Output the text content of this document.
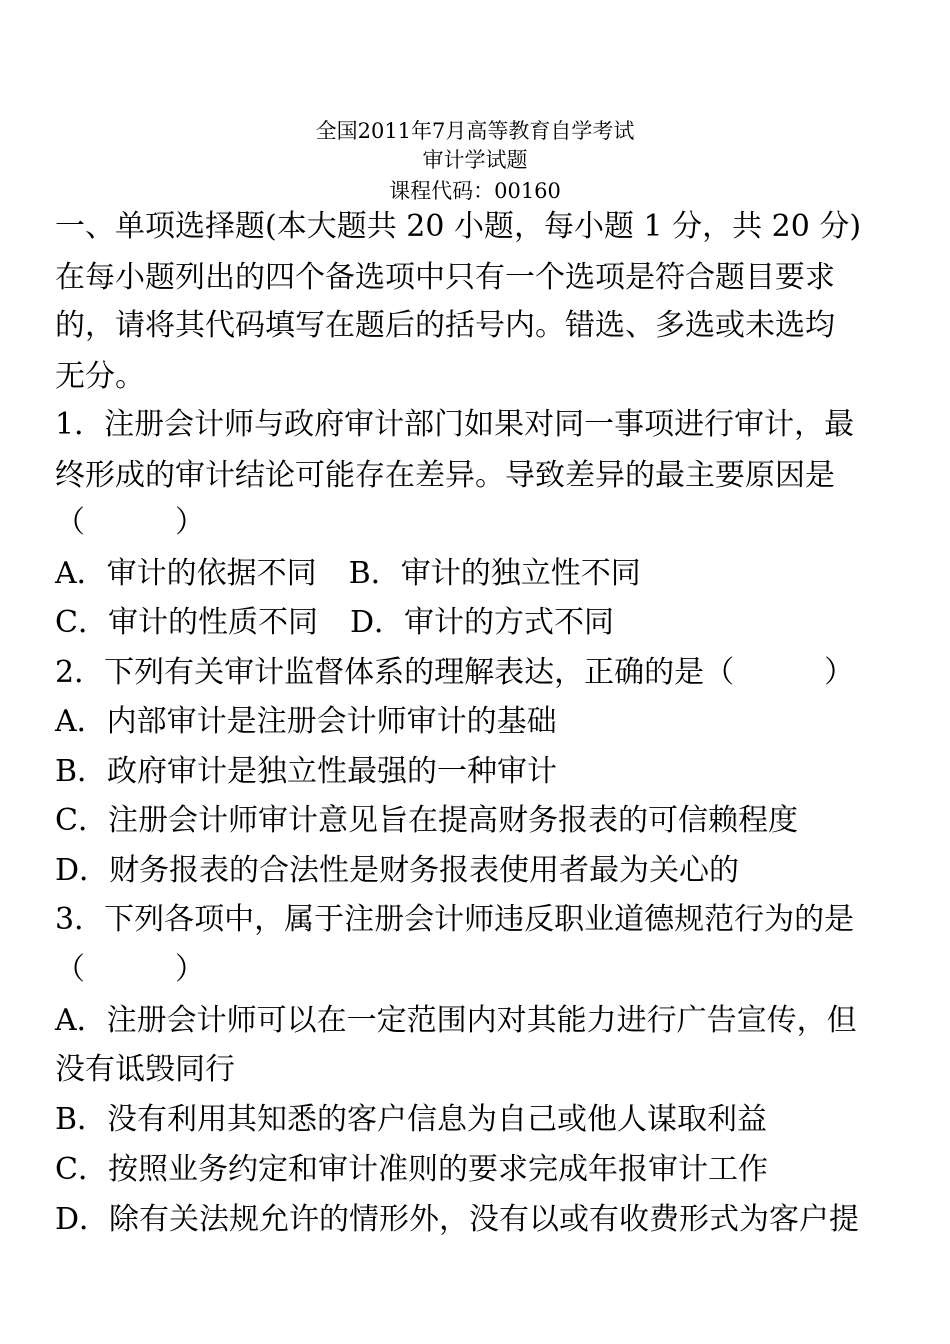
全国2011年7月高等教育自学考试
审计学试题
课程代码：00160
一、单项选择题(本大题共 20 小题，每小题 1 分，共 20 分)
在每小题列出的四个备选项中只有一个选项是符合题目要求
的，请将其代码填写在题后的括号内。错选、多选或未选均
无分。
1．注册会计师与政府审计部门如果对同一事项进行审计，最
终形成的审计结论可能存在差异。导致差异的最主要原因是
（　　　）
A．审计的依据不同 B．审计的独立性不同
C．审计的性质不同 D．审计的方式不同
2．下列有关审计监督体系的理解表达，正确的是（　　　）
A．内部审计是注册会计师审计的基础
B．政府审计是独立性最强的一种审计
C．注册会计师审计意见旨在提高财务报表的可信赖程度
D．财务报表的合法性是财务报表使用者最为关心的
3．下列各项中，属于注册会计师违反职业道德规范行为的是
（　　　）
A．注册会计师可以在一定范围内对其能力进行广告宣传，但
没有诋毁同行
B．没有利用其知悉的客户信息为自己或他人谋取利益
C．按照业务约定和审计准则的要求完成年报审计工作
D．除有关法规允许的情形外，没有以或有收费形式为客户提
